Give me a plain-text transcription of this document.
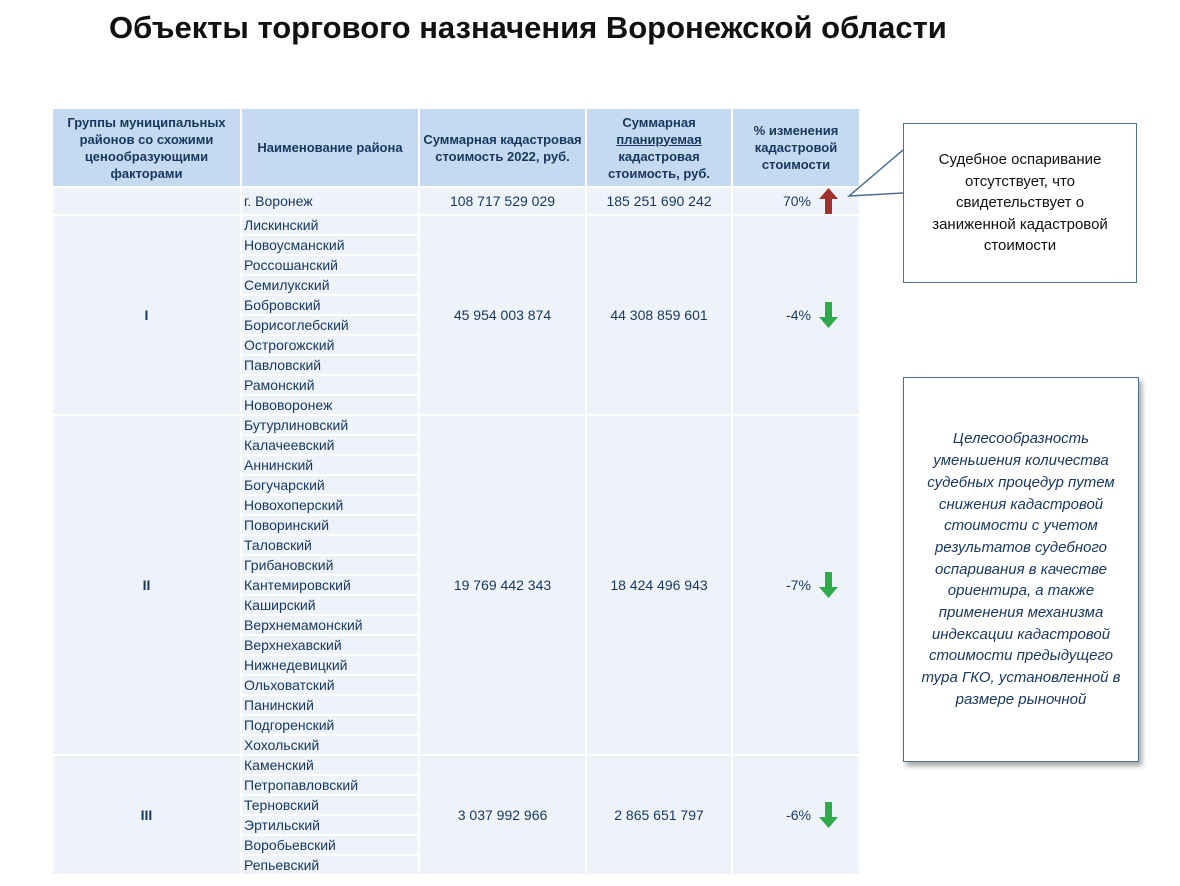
Объекты торгового назначения Воронежской области
Группы муниципальных районов со схожими ценообразующими факторами	Наименование района	Суммарная кадастровая стоимость 2022, руб.	Суммарная
планируемая
кадастровая стоимость, руб.	% изменения кадастровой стоимости
	г. Воронеж	108 717 529 029	185 251 690 242	70%
I	Лискинский	45 954 003 874	44 308 859 601	-4%
	Новоусманский			
	Россошанский			
	Семилукский			
	Бобровский			
	Борисоглебский			
	Острогожский			
	Павловский			
	Рамонский			
	Нововоронеж			
II	Бутурлиновский	19 769 442 343	18 424 496 943	-7%
	Калачеевский			
	Аннинский			
	Богучарский			
	Новохоперский			
	Поворинский			
	Таловский			
	Грибановский			
	Кантемировский			
	Каширский			
	Верхнемамонский			
	Верхнехавский			
	Нижнедевицкий			
	Ольховатский			
	Панинский			
	Подгоренский			
	Хохольский			
III	Каменский	3 037 992 966	2 865 651 797	-6%
	Петропавловский			
	Терновский			
	Эртильский			
	Воробьевский			
	Репьевский			
Судебное оспаривание отсутствует, что свидетельствует о заниженной кадастровой стоимости
Целесообразность уменьшения количества судебных процедур путем снижения кадастровой стоимости с учетом результатов судебного оспаривания в качестве ориентира, а также применения механизма индексации кадастровой стоимости предыдущего тура ГКО, установленной в размере рыночной
